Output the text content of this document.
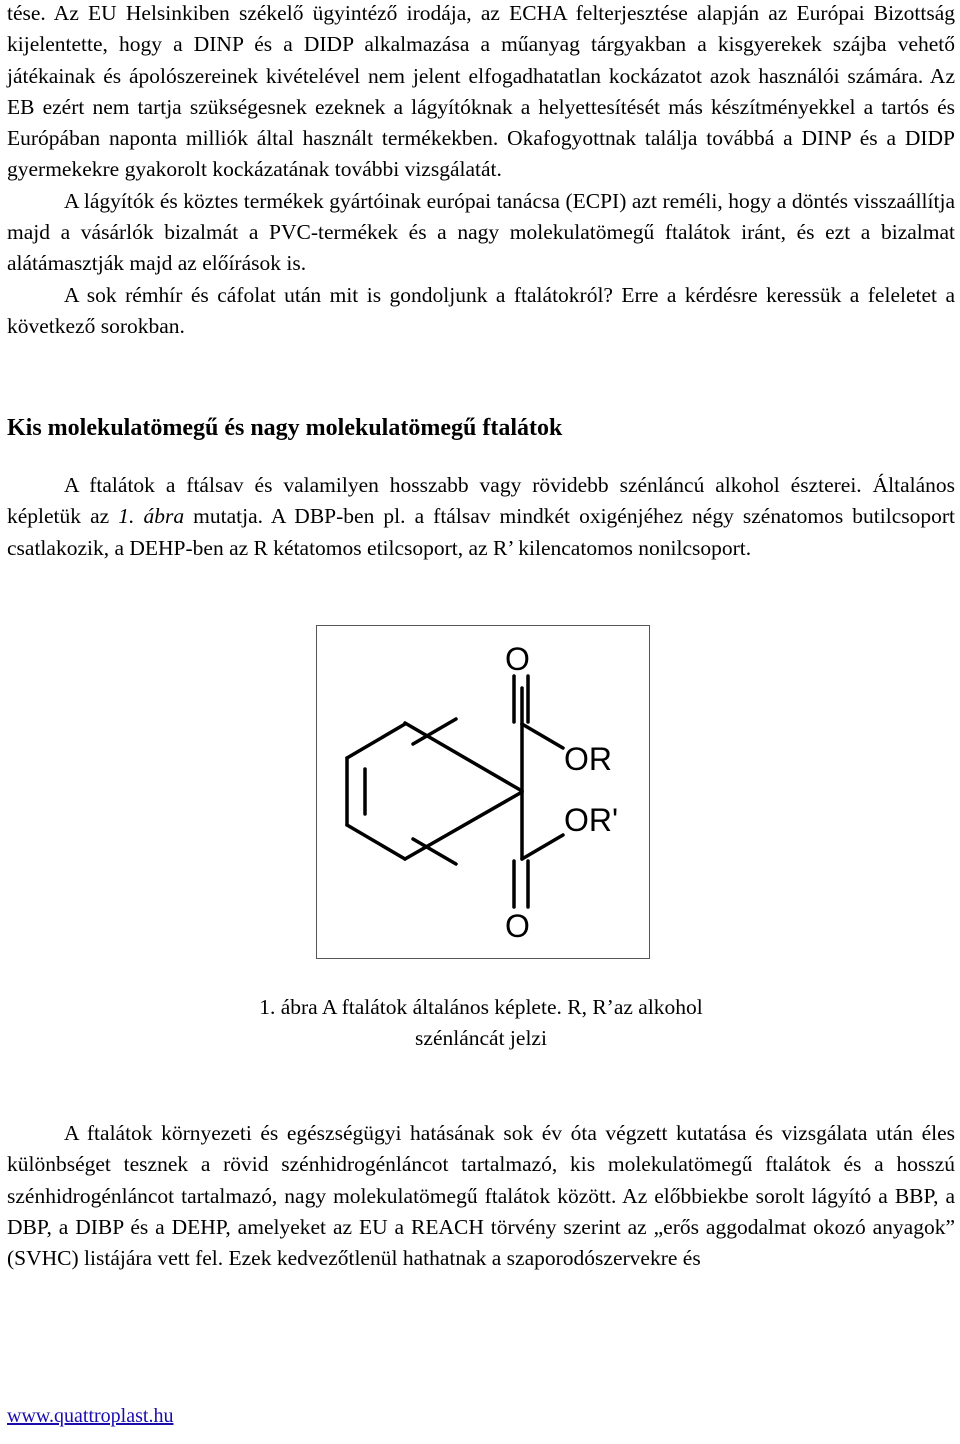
tése. Az EU Helsinkiben székelő ügyintéző irodája, az ECHA felterjesztése alapján az Európai Bizottság kijelentette, hogy a DINP és a DIDP alkalmazása a műanyag tárgyakban a kisgyerekek szájba vehető játékainak és ápolószereinek kivételével nem jelent elfogadhatatlan kockázatot azok használói számára. Az EB ezért nem tartja szükségesnek ezeknek a lágyítóknak a helyettesítését más készítményekkel a tartós és Európában naponta milliók által használt termékekben. Okafogyottnak találja továbbá a DINP és a DIDP gyermekekre gyakorolt kockázatának további vizsgálatát.

A lágyítók és köztes termékek gyártóinak európai tanácsa (ECPI) azt reméli, hogy a döntés visszaállítja majd a vásárlók bizalmát a PVC-termékek és a nagy molekulatömegű ftalátok iránt, és ezt a bizalmat alátámasztják majd az előírások is.

A sok rémhír és cáfolat után mit is gondoljunk a ftalátokról? Erre a kérdésre keressük a feleletet a következő sorokban.

Kis molekulatömegű és nagy molekulatömegű ftalátok

A ftalátok a ftálsav és valamilyen hosszabb vagy rövidebb szénláncú alkohol észterei. Általános képletük az 1. ábra mutatja. A DBP-ben pl. a ftálsav mindkét oxigénjéhez négy szénatomos butilcsoport csatlakozik, a DEHP-ben az R kétatomos etilcsoport, az R’ kilencatomos nonilcsoport.

O
OR
OR'
O

1. ábra A ftalátok általános képlete. R, R’az alkohol
szénláncát jelzi

A ftalátok környezeti és egészségügyi hatásának sok év óta végzett kutatása és vizsgálata után éles különbséget tesznek a rövid szénhidrogénláncot tartalmazó, kis molekulatömegű ftalátok és a hosszú szénhidrogénláncot tartalmazó, nagy molekulatömegű ftalátok között. Az előbbiekbe sorolt lágyító a BBP, a DBP, a DIBP és a DEHP, amelyeket az EU a REACH törvény szerint az „erős aggodalmat okozó anyagok” (SVHC) listájára vett fel. Ezek kedvezőtlenül hathatnak a szaporodószervekre és

www.quattroplast.hu
